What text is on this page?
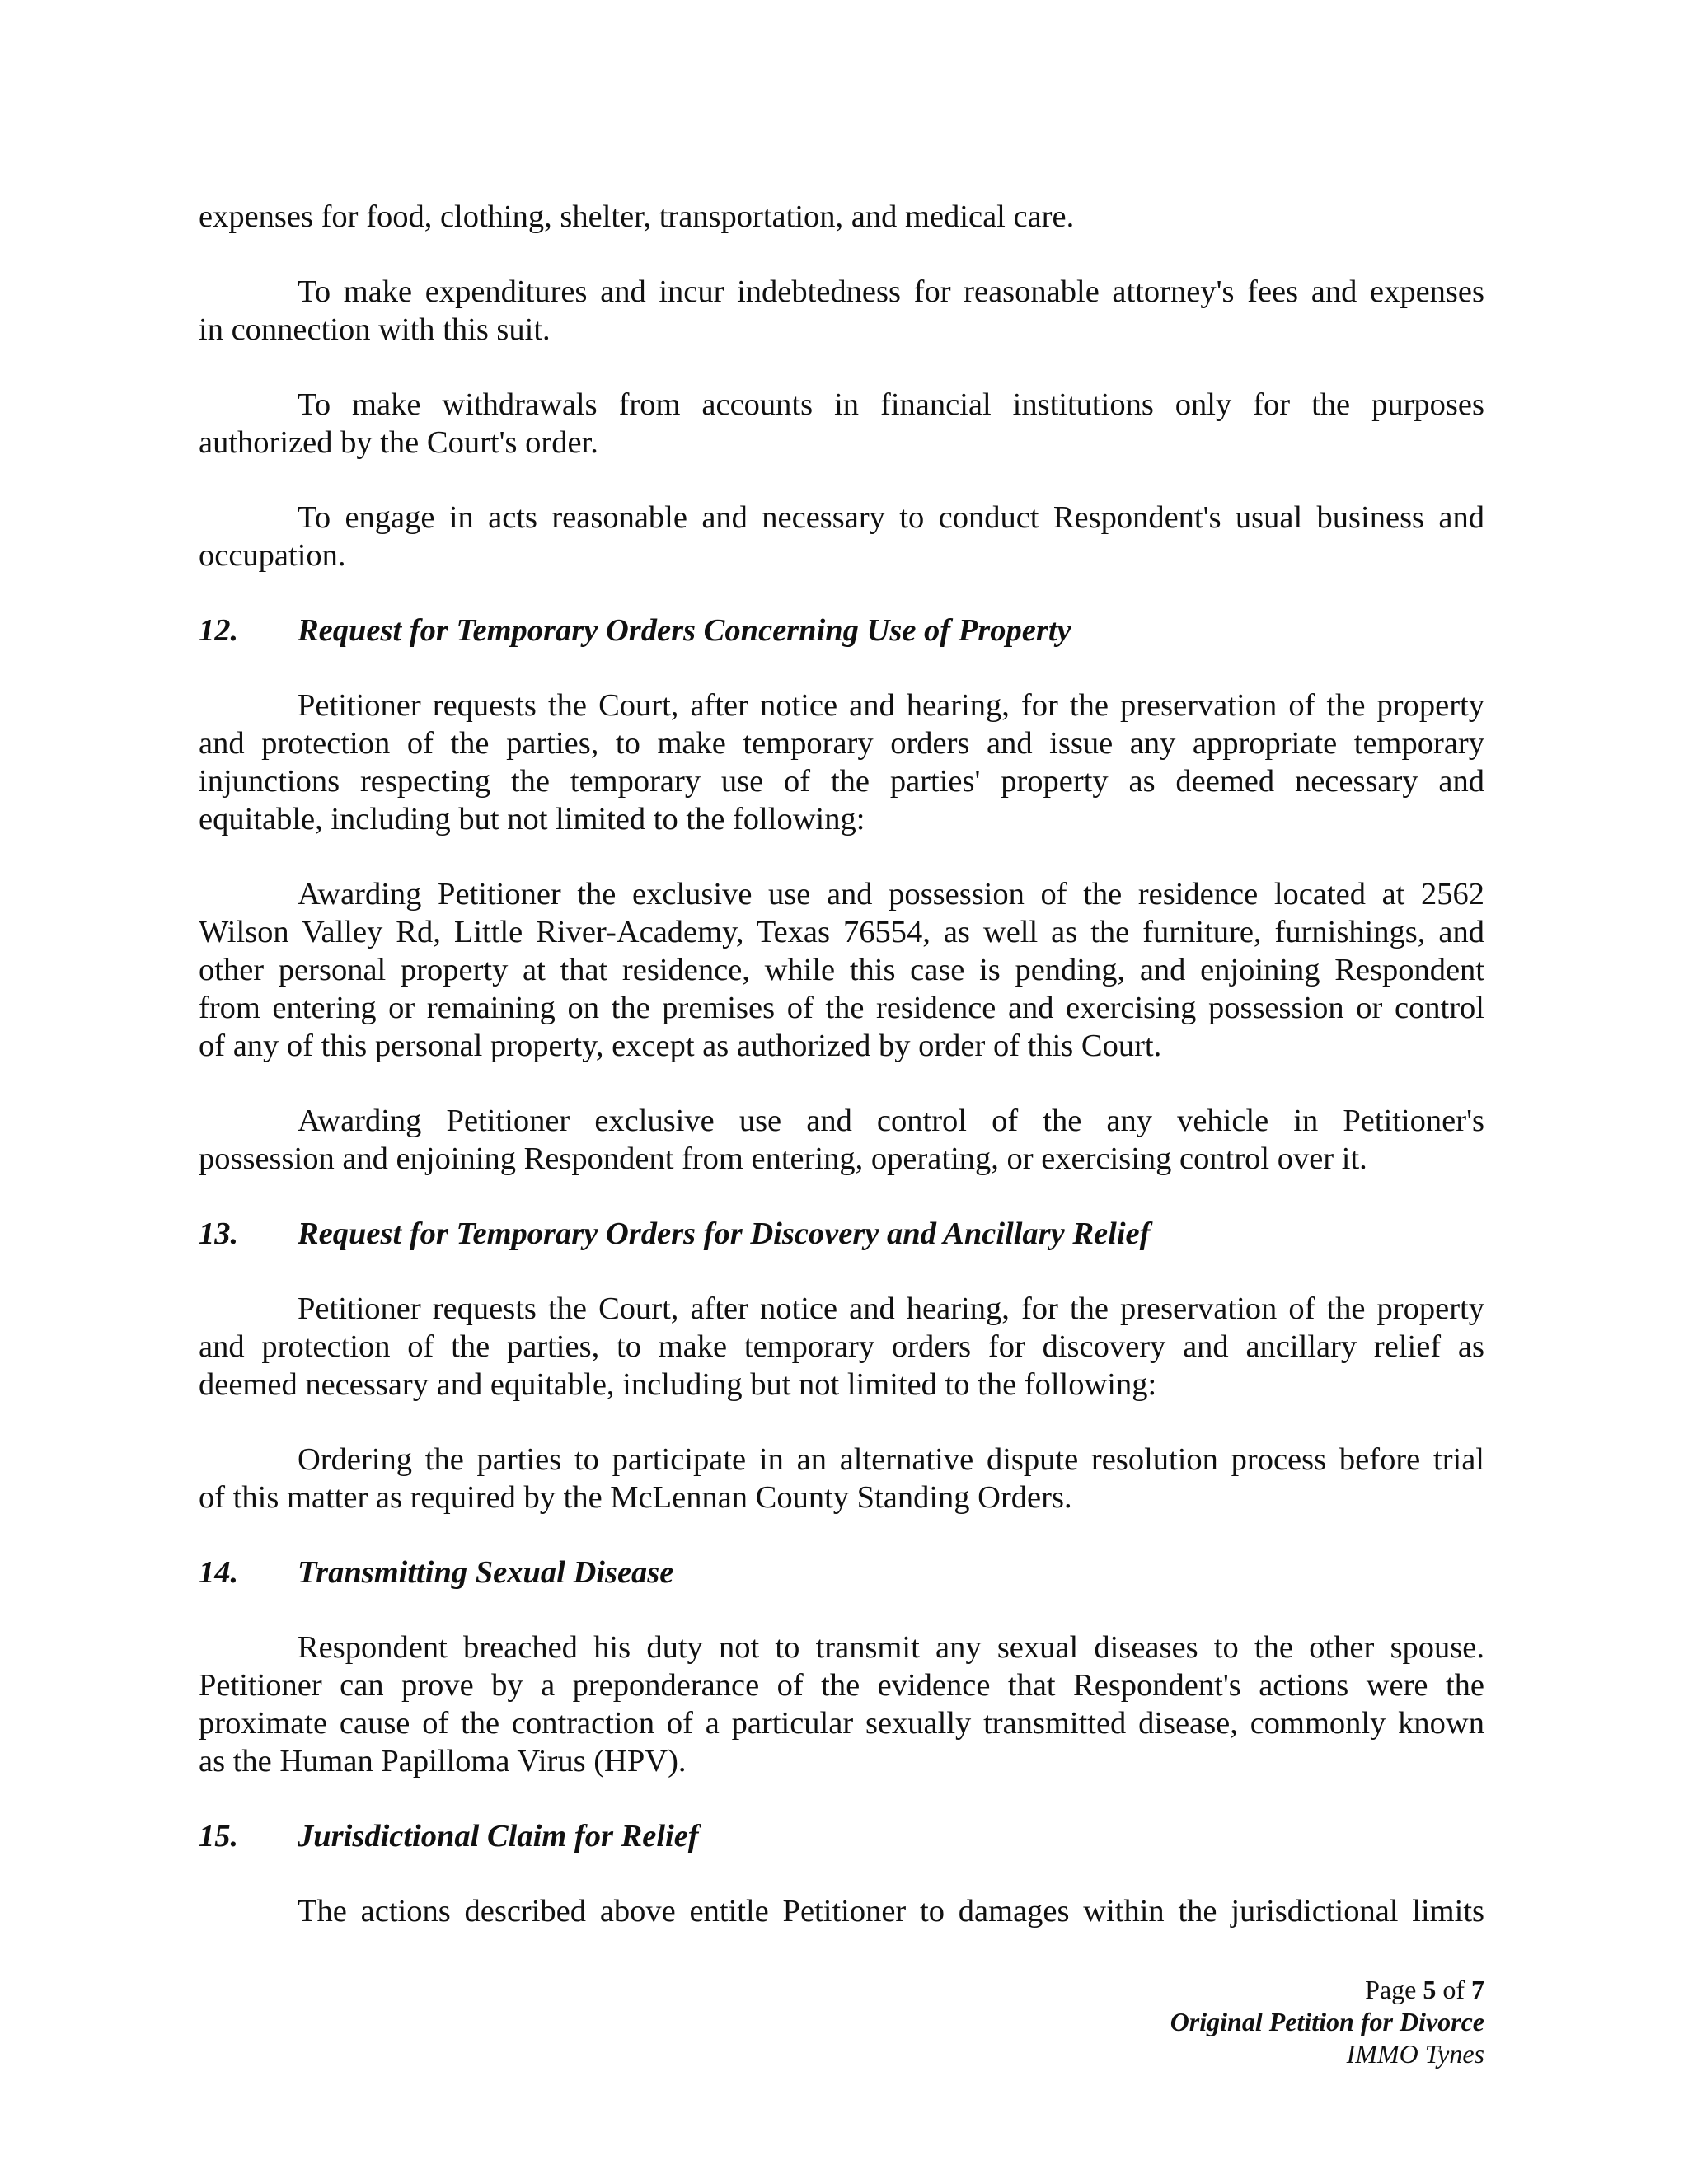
expenses for food, clothing, shelter, transportation, and medical care.
To make expenditures and incur indebtedness for reasonable attorney's fees and expenses
in connection with this suit.
To make withdrawals from accounts in financial institutions only for the purposes
authorized by the Court's order.
To engage in acts reasonable and necessary to conduct Respondent's usual business and
occupation.
12. Request for Temporary Orders Concerning Use of Property
Petitioner requests the Court, after notice and hearing, for the preservation of the property
and protection of the parties, to make temporary orders and issue any appropriate temporary
injunctions respecting the temporary use of the parties' property as deemed necessary and
equitable, including but not limited to the following:
Awarding Petitioner the exclusive use and possession of the residence located at 2562
Wilson Valley Rd, Little River-Academy, Texas 76554, as well as the furniture, furnishings, and
other personal property at that residence, while this case is pending, and enjoining Respondent
from entering or remaining on the premises of the residence and exercising possession or control
of any of this personal property, except as authorized by order of this Court.
Awarding Petitioner exclusive use and control of the any vehicle in Petitioner's
possession and enjoining Respondent from entering, operating, or exercising control over it.
13. Request for Temporary Orders for Discovery and Ancillary Relief
Petitioner requests the Court, after notice and hearing, for the preservation of the property
and protection of the parties, to make temporary orders for discovery and ancillary relief as
deemed necessary and equitable, including but not limited to the following:
Ordering the parties to participate in an alternative dispute resolution process before trial
of this matter as required by the McLennan County Standing Orders.
14. Transmitting Sexual Disease
Respondent breached his duty not to transmit any sexual diseases to the other spouse.
Petitioner can prove by a preponderance of the evidence that Respondent's actions were the
proximate cause of the contraction of a particular sexually transmitted disease, commonly known
as the Human Papilloma Virus (HPV).
15. Jurisdictional Claim for Relief
The actions described above entitle Petitioner to damages within the jurisdictional limits
Page 5 of 7
Original Petition for Divorce
IMMO Tynes
